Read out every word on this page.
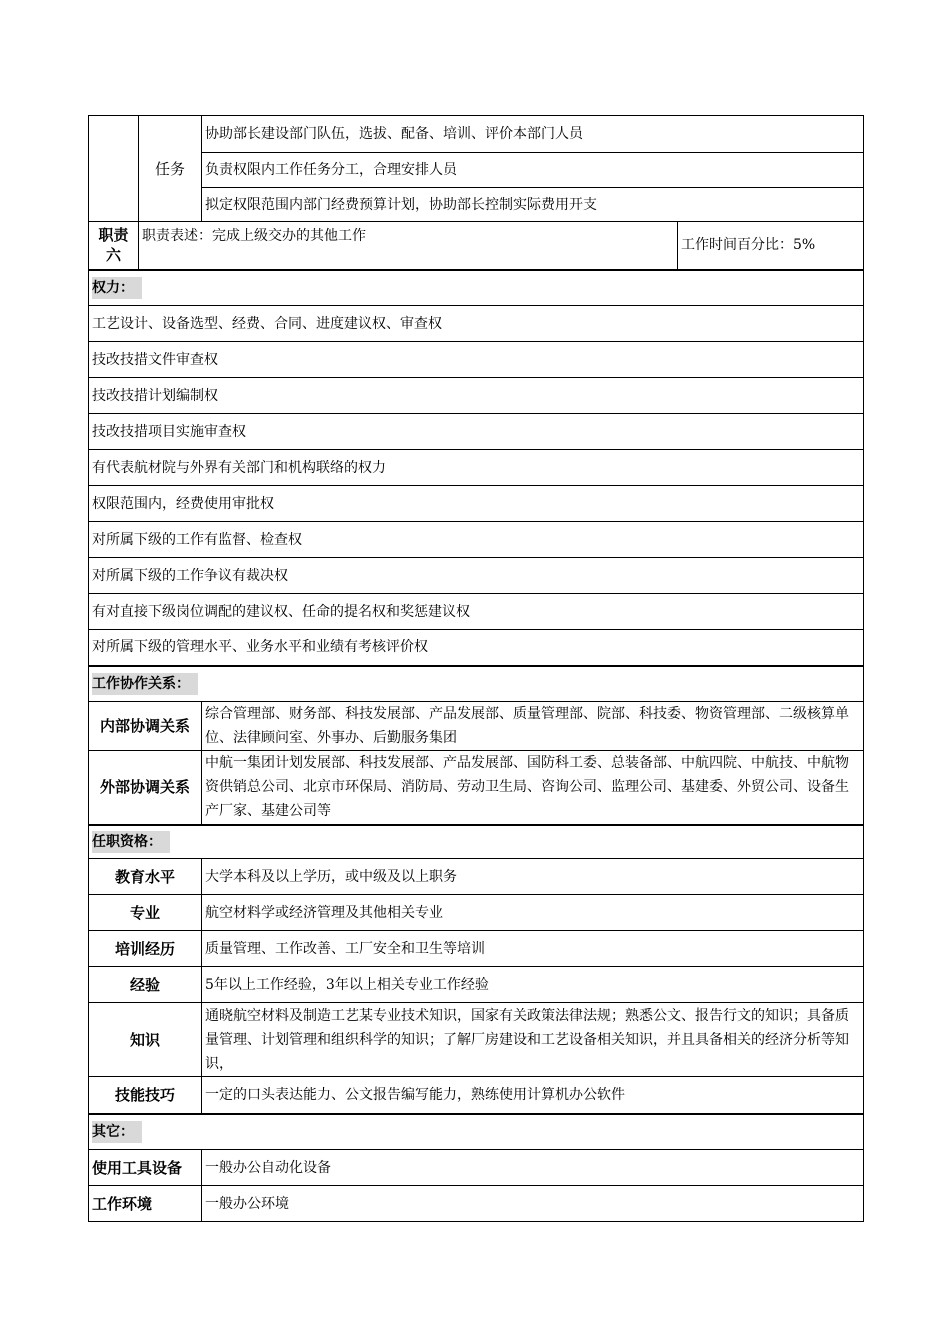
	任务	协助部长建设部门队伍，选拔、配备、培训、评价本部门人员	
		负责权限内工作任务分工，合理安排人员	
		拟定权限范围内部门经费预算计划，协助部长控制实际费用开支	

职责
六	职责表述：完成上级交办的其他工作		工作时间百分比：5%
权力：			
工艺设计、设备选型、经费、合同、进度建议权、审查权			
技改技措文件审查权			
技改技措计划编制权			
技改技措项目实施审查权			
有代表航材院与外界有关部门和机构联络的权力			
权限范围内，经费使用审批权			
对所属下级的工作有监督、检查权			
对所属下级的工作争议有裁决权			
有对直接下级岗位调配的建议权、任命的提名权和奖惩建议权			
对所属下级的管理水平、业务水平和业绩有考核评价权			
工作协作关系：			
内部协调关系		综合管理部、财务部、科技发展部、产品发展部、质量管理部、院部、科技委、物资管理部、二级核算单位、法律顾问室、外事办、后勤服务集团	
外部协调关系		中航一集团计划发展部、科技发展部、产品发展部、国防科工委、总装备部、中航四院、中航技、中航物资供销总公司、北京市环保局、消防局、劳动卫生局、咨询公司、监理公司、基建委、外贸公司、设备生产厂家、基建公司等	
任职资格：			
教育水平		大学本科及以上学历，或中级及以上职务	
专业		航空材料学或经济管理及其他相关专业	
培训经历		质量管理、工作改善、工厂安全和卫生等培训	
经验		5年以上工作经验，3年以上相关专业工作经验	
知识		通晓航空材料及制造工艺某专业技术知识，国家有关政策法律法规；熟悉公文、报告行文的知识；具备质量管理、计划管理和组织科学的知识；了解厂房建设和工艺设备相关知识，并且具备相关的经济分析等知识，	
技能技巧		一定的口头表达能力、公文报告编写能力，熟练使用计算机办公软件	
其它：			
使用工具设备		一般办公自动化设备	
工作环境		一般办公环境	
